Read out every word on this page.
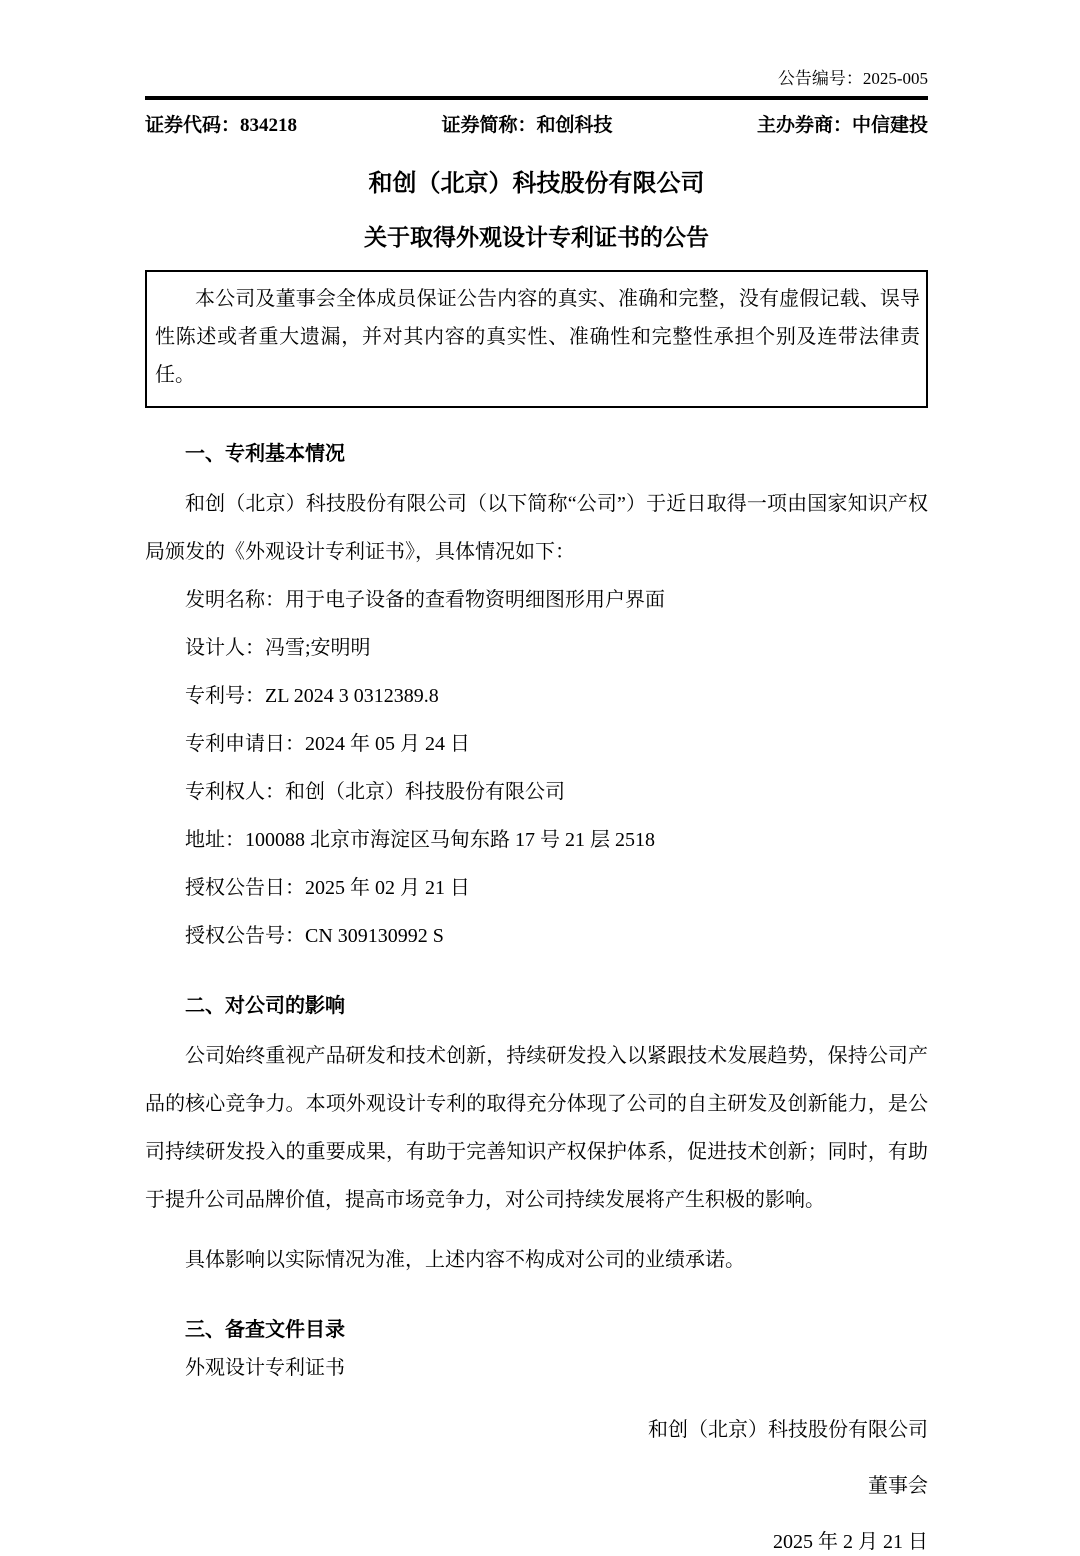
公告编号：2025-005
证券代码：834218	证券简称：和创科技	主办券商：中信建投
和创（北京）科技股份有限公司
关于取得外观设计专利证书的公告

本公司及董事会全体成员保证公告内容的真实、准确和完整，没有虚假记载、误导性陈述或者重大遗漏，并对其内容的真实性、准确性和完整性承担个别及连带法律责任。

一、专利基本情况

和创（北京）科技股份有限公司（以下简称“公司”）于近日取得一项由国家知识产权局颁发的《外观设计专利证书》，具体情况如下：

发明名称：用于电子设备的查看物资明细图形用户界面

设计人：冯雪;安明明

专利号：ZL 2024 3 0312389.8

专利申请日：2024 年 05 月 24 日

专利权人：和创（北京）科技股份有限公司

地址：100088 北京市海淀区马甸东路 17 号 21 层 2518

授权公告日：2025 年 02 月 21 日

授权公告号：CN 309130992 S

二、对公司的影响

公司始终重视产品研发和技术创新，持续研发投入以紧跟技术发展趋势，保持公司产品的核心竞争力。本项外观设计专利的取得充分体现了公司的自主研发及创新能力，是公司持续研发投入的重要成果，有助于完善知识产权保护体系，促进技术创新；同时，有助于提升公司品牌价值，提高市场竞争力，对公司持续发展将产生积极的影响。

具体影响以实际情况为准，上述内容不构成对公司的业绩承诺。

三、备查文件目录

外观设计专利证书

和创（北京）科技股份有限公司
董事会
2025 年 2 月 21 日
